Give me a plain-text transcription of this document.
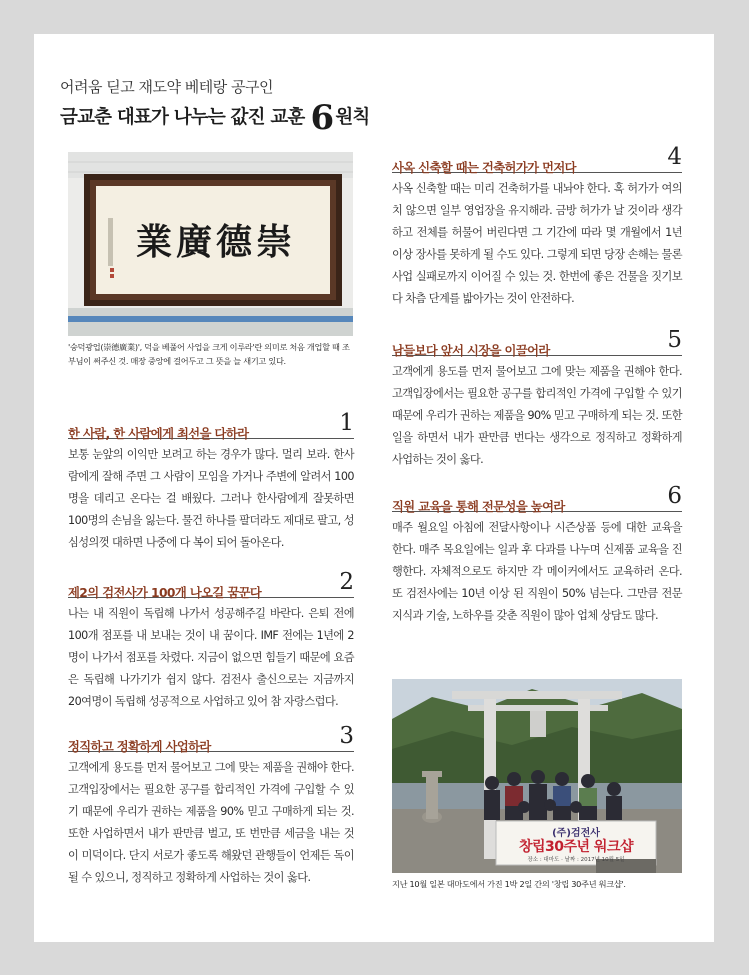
어려움 딛고 재도약 베테랑 공구인
금교춘 대표가 나누는 값진 교훈 6 원칙
崇德廣業
'숭덕광업(崇德廣業)', 덕을 베풀어 사업을 크게 이루라'란 의미로 처음 개업할 때 조부님이 써주신 것. 매장 중앙에 걸어두고 그 뜻을 늘 새기고 있다.
한 사람, 한 사람에게 최선을 다하라	1
보통 눈앞의 이익만 보려고 하는 경우가 많다. 멀리 보라. 한사람에게 잘해 주면 그 사람이 모임을 가거나 주변에 알려서 100명을 데리고 온다는 걸 배웠다. 그러나 한사람에게 잘못하면 100명의 손님을 잃는다. 물건 하나를 팔더라도 제대로 팔고, 성심성의껏 대하면 나중에 다 복이 되어 돌아온다.
제2의 검전사가 100개 나오길 꿈꾼다	2
나는 내 직원이 독립해 나가서 성공해주길 바란다. 은퇴 전에 100개 점포를 내 보내는 것이 내 꿈이다. IMF 전에는 1년에 2명이 나가서 점포를 차렸다. 지금이 없으면 힘들기 때문에 요즘은 독립해 나가기가 쉽지 않다. 검전사 출신으로는 지금까지 20여명이 독립해 성공적으로 사업하고 있어 참 자랑스럽다.
정직하고 정확하게 사업하라	3
고객에게 용도를 먼저 물어보고 그에 맞는 제품을 권해야 한다. 고객입장에서는 필요한 공구를 합리적인 가격에 구입할 수 있기 때문에 우리가 권하는 제품을 90% 믿고 구매하게 되는 것. 또한 사업하면서 내가 판만큼 벌고, 또 번만큼 세금을 내는 것이 미덕이다. 단지 서로가 좋도록 해왔던 관행들이 언제든 독이 될 수 있으니, 정직하고 정확하게 사업하는 것이 옳다.
사옥 신축할 때는 건축허가가 먼저다	4
사옥 신축할 때는 미리 건축허가를 내놔야 한다. 혹 허가가 여의치 않으면 일부 영업장을 유지해라. 금방 허가가 날 것이라 생각하고 전체를 허물어 버린다면 그 기간에 따라 몇 개월에서 1년 이상 장사를 못하게 될 수도 있다. 그렇게 되면 당장 손해는 물론 사업 실패로까지 이어질 수 있는 것. 한번에 좋은 건물을 짓기보다 차츰 단계를 밟아가는 것이 안전하다.
남들보다 앞서 시장을 이끌어라	5
고객에게 용도를 먼저 물어보고 그에 맞는 제품을 권해야 한다. 고객입장에서는 필요한 공구를 합리적인 가격에 구입할 수 있기 때문에 우리가 권하는 제품을 90% 믿고 구매하게 되는 것. 또한 일을 하면서 내가 판만큼 번다는 생각으로 정직하고 정확하게 사업하는 것이 옳다.
직원 교육을 통해 전문성을 높여라	6
매주 월요일 아침에 전달사항이나 시즌상품 등에 대한 교육을 한다. 매주 목요일에는 일과 후 다과를 나누며 신제품 교육을 진행한다. 자체적으로도 하지만 각 메이커에서도 교육하러 온다. 또 검전사에는 10년 이상 된 직원이 50% 넘는다. 그만큼 전문지식과 기술, 노하우를 갖춘 직원이 많아 업체 상담도 많다.
(주)검전사
창립30주년 워크샵
장소 : 대마도 · 날짜 : 2017년 10월 5일
지난 10월 일본 대마도에서 가진 1박 2일 간의 '창립 30주년 워크샵'.
